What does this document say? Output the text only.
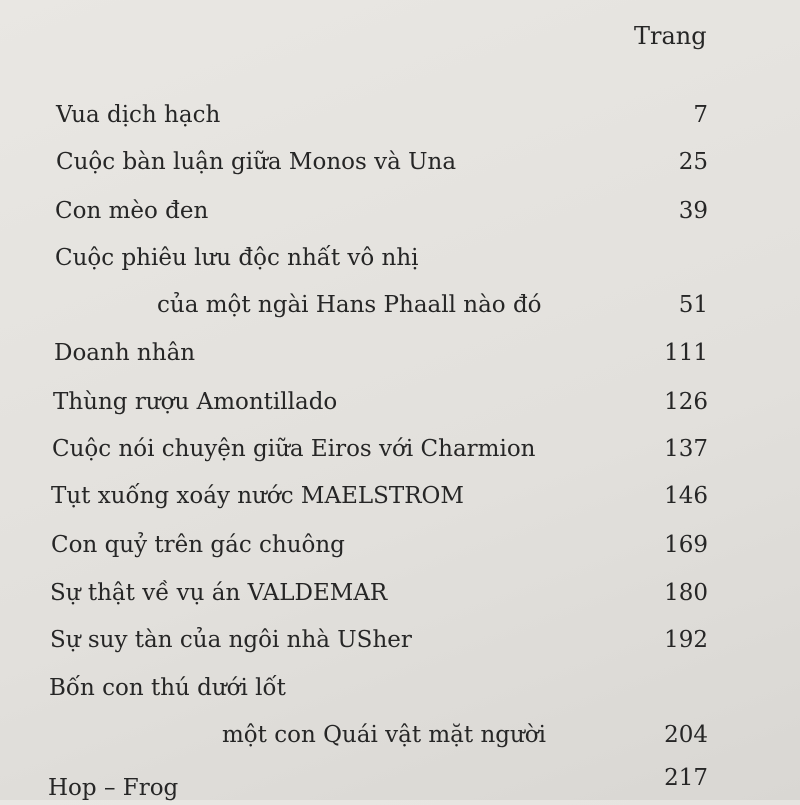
Trang
Vua dịch hạch	7
Cuộc bàn luận giữa Monos và Una	25
Con mèo đen	39
Cuộc phiêu lưu độc nhất vô nhị
của một ngài Hans Phaall nào đó	51
Doanh nhân	111
Thùng rượu Amontillado	126
Cuộc nói chuyện giữa Eiros với Charmion	137
Tụt xuống xoáy nước MAELSTROM	146
Con quỷ trên gác chuông	169
Sự thật về vụ án VALDEMAR	180
Sự suy tàn của ngôi nhà USher	192
Bốn con thú dưới lốt
một con Quái vật mặt người	204
Hop – Frog	217
